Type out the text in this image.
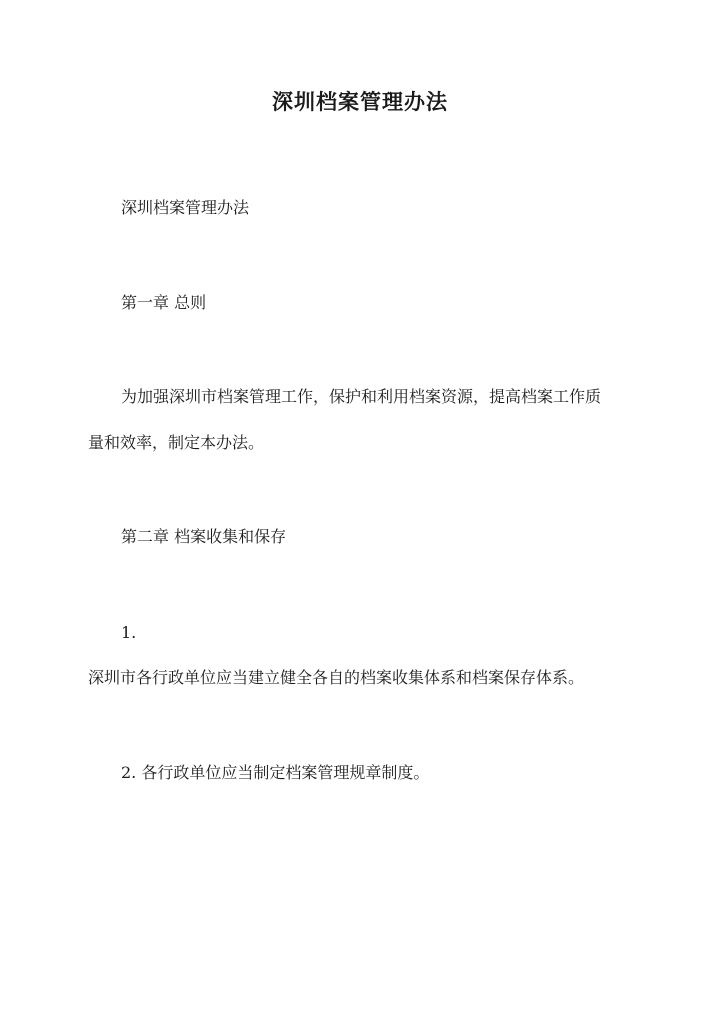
深圳档案管理办法
深圳档案管理办法
第一章 总则
为加强深圳市档案管理工作，保护和利用档案资源，提高档案工作质
量和效率，制定本办法。
第二章 档案收集和保存
1.
深圳市各行政单位应当建立健全各自的档案收集体系和档案保存体系。
2. 各行政单位应当制定档案管理规章制度。
